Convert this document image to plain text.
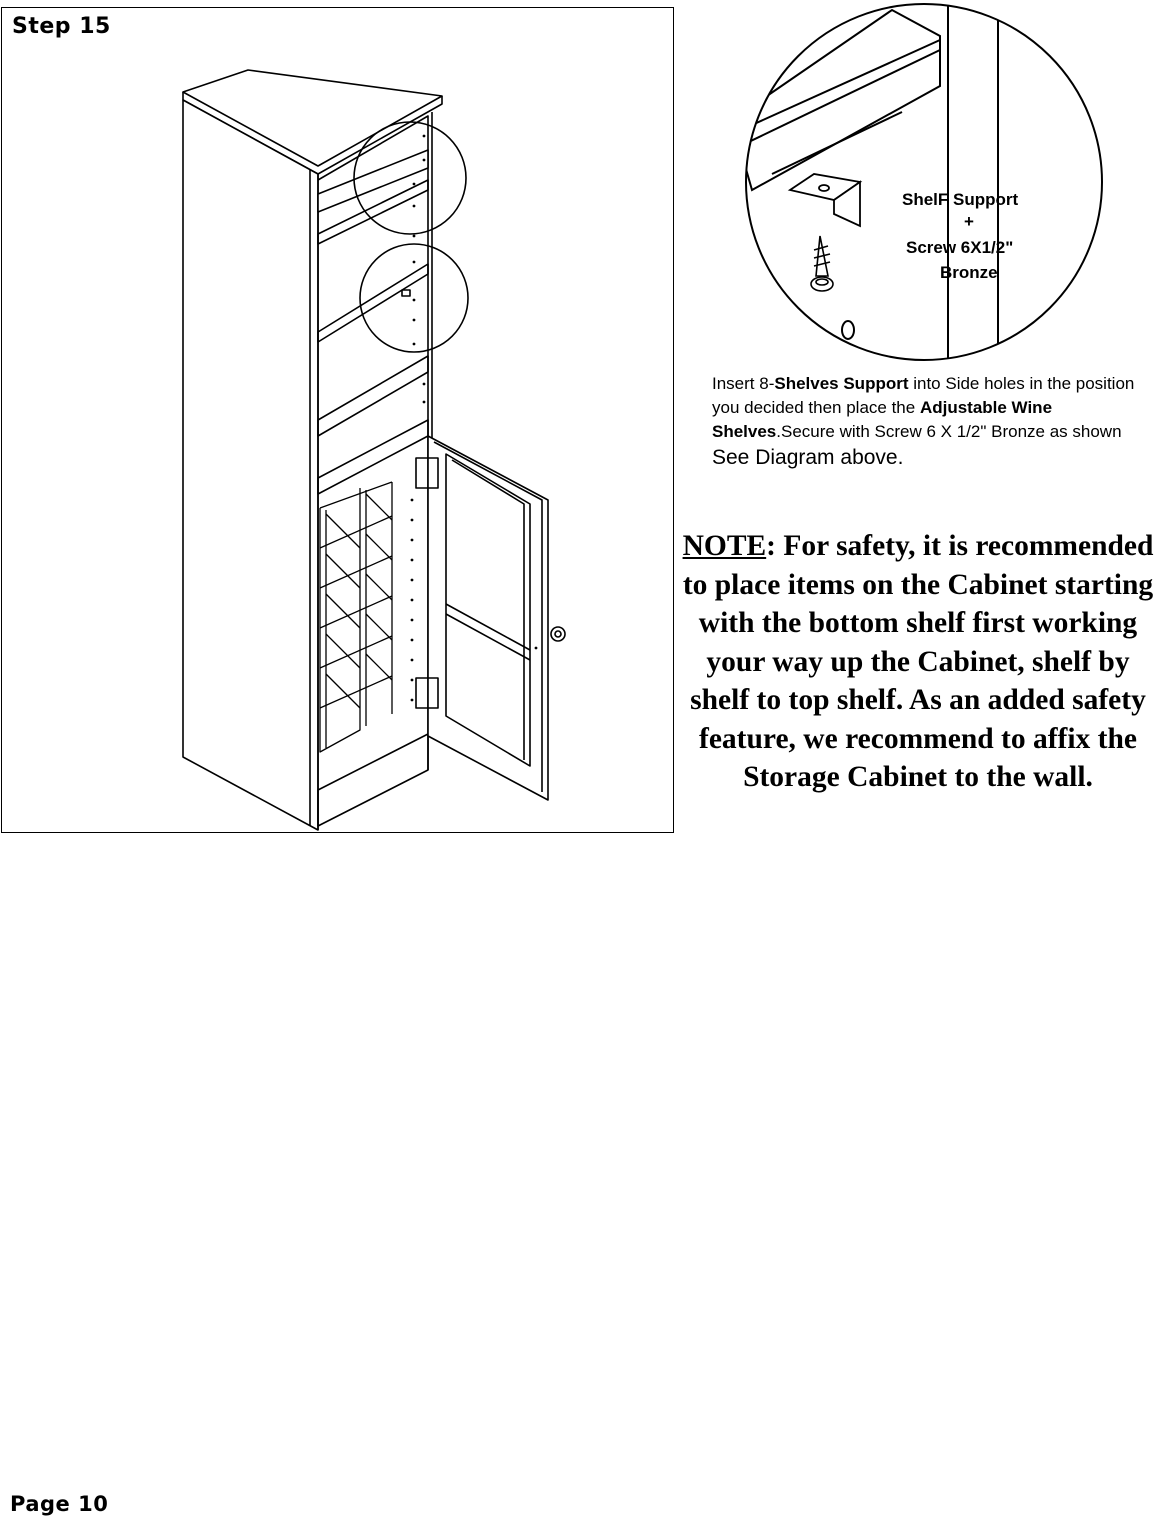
Step 15
ShelF Support
+
Screw 6X1/2"
Bronze
Insert 8-Shelves Support into Side holes in the position you decided then place the Adjustable Wine Shelves.Secure with Screw 6 X 1/2" Bronze as shown
See Diagram above.
NOTE: For safety, it is recommended to place items on the Cabinet starting with the bottom shelf first working your way up the Cabinet, shelf by shelf to top shelf. As an added safety feature, we recommend to affix the Storage Cabinet to the wall.
Page 10
